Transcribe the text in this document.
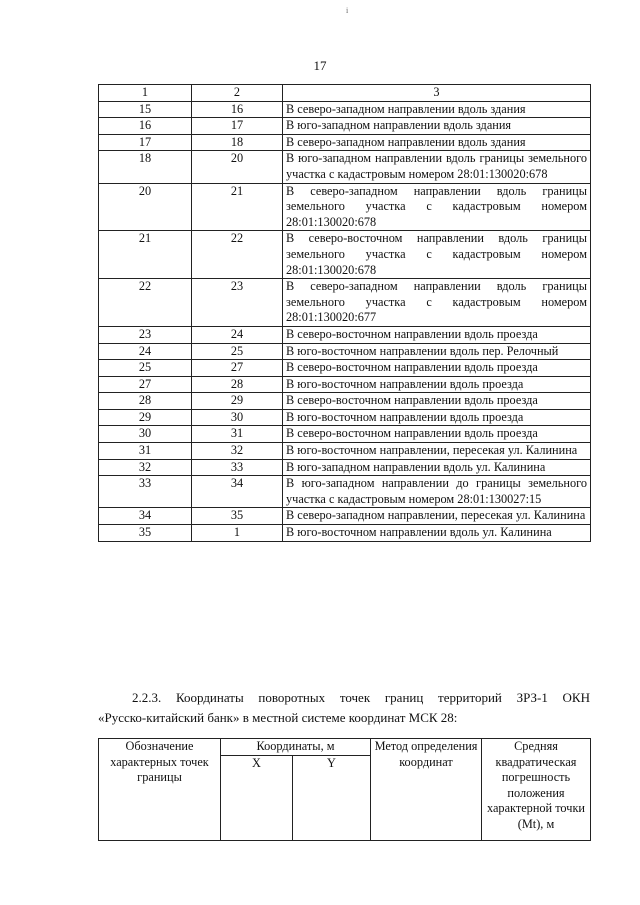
i
17
1	2	3
15	16	В северо-западном направлении вдоль здания
16	17	В юго-западном направлении вдоль здания
17	18	В северо-западном направлении вдоль здания
18	20	В юго-западном направлении вдоль границы земельного участка с кадастровым номером 28:01:130020:678
20	21	В северо-западном направлении вдоль границы земельного участка с кадастровым номером 28:01:130020:678
21	22	В северо-восточном направлении вдоль границы земельного участка с кадастровым номером 28:01:130020:678
22	23	В северо-западном направлении вдоль границы земельного участка с кадастровым номером 28:01:130020:677
23	24	В северо-восточном направлении вдоль проезда
24	25	В юго-восточном направлении вдоль пер. Релочный
25	27	В северо-восточном направлении вдоль проезда
27	28	В юго-восточном направлении вдоль проезда
28	29	В северо-восточном направлении вдоль проезда
29	30	В юго-восточном направлении вдоль проезда
30	31	В северо-восточном направлении вдоль проезда
31	32	В юго-восточном направлении, пересекая ул. Калинина
32	33	В юго-западном направлении вдоль ул. Калинина
33	34	В юго-западном направлении до границы земельного участка с кадастровым номером 28:01:130027:15
34	35	В северо-западном направлении, пересекая ул. Калинина
35	1	В юго-восточном направлении вдоль ул. Калинина
2.2.3. Координаты поворотных точек границ территорий ЗРЗ-1 ОКН
«Русско-китайский банк» в местной системе координат МСК 28:
Обозначение характерных точек границы	Координаты, м		Метод определения координат	Средняя квадратическая погрешность положения характерной точки (Mt), м
	X	Y		
